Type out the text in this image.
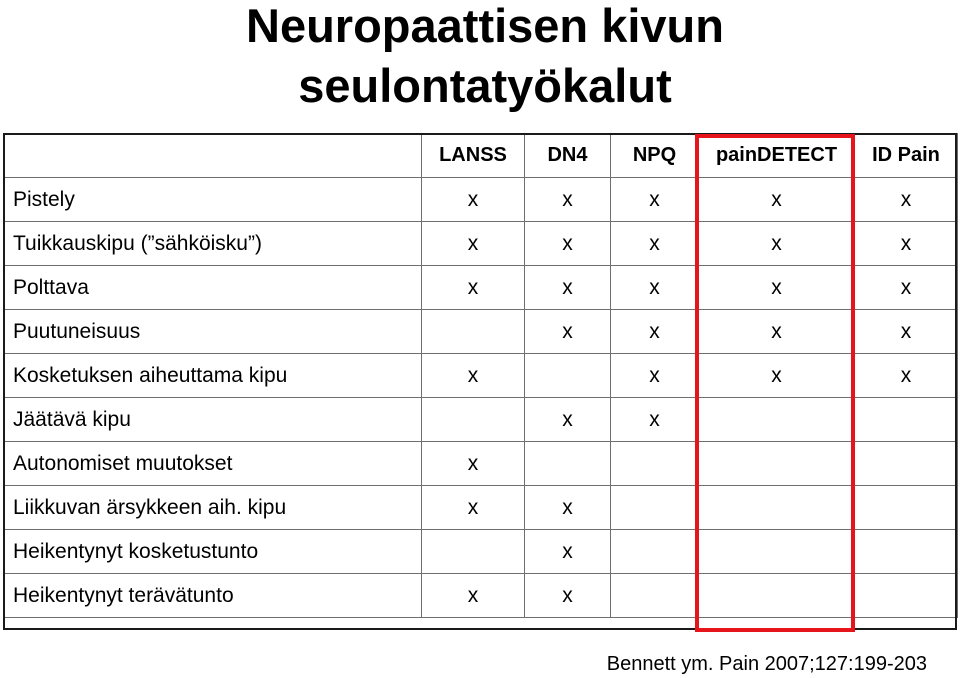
Neuropaattisen kivun
seulontatyökalut
	LANSS	DN4	NPQ	painDETECT	ID Pain
Pistely	x	x	x	x	x
Tuikkauskipu (”sähköisku”)	x	x	x	x	x
Polttava	x	x	x	x	x
Puutuneisuus		x	x	x	x
Kosketuksen aiheuttama kipu	x		x	x	x
Jäätävä kipu		x	x		
Autonomiset muutokset	x				
Liikkuvan ärsykkeen aih. kipu	x	x			
Heikentynyt kosketustunto		x			
Heikentynyt terävätunto	x	x			
Bennett ym. Pain 2007;127:199-203
